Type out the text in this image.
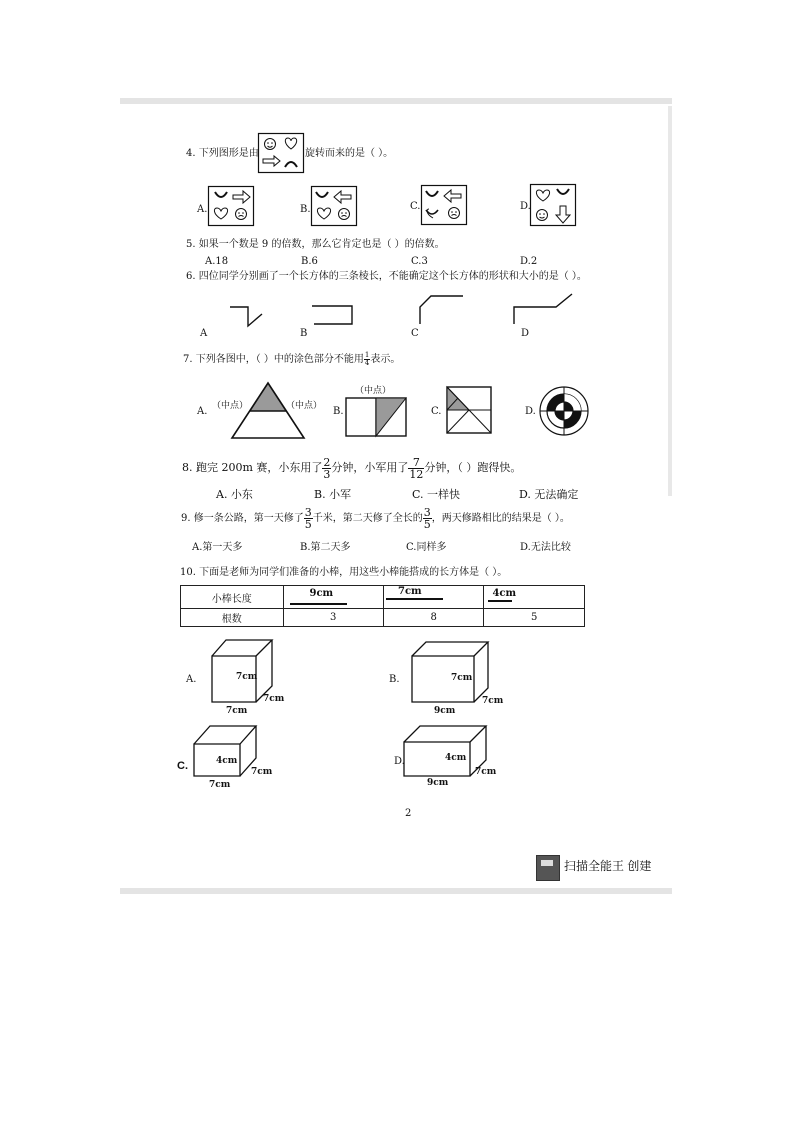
4. 下列图形是由	旋转而来的是（ ）。
A.	B.	C.	D.
5. 如果一个数是 9 的倍数，那么它肯定也是（ ）的倍数。
A.18	B.6	C.3	D.2
6. 四位同学分别画了一个长方体的三条棱长，不能确定这个长方体的形状和大小的是（ ）。
A	B	C	D
7. 下列各图中，（ ）中的涂色部分不能用 $\frac{1}{4}$ 表示。
A. （中点）	（中点） B.
（中点）
C.	D.
8. 跑完 200m 赛，小东用了 $\frac{2}{3}$ 分钟，小军用了 $\frac{7}{12}$ 分钟，（ ）跑得快。
A. 小东	B. 小军	C. 一样快	D. 无法确定
9. 修一条公路，第一天修了 $\frac{3}{5}$ 千米，第二天修了全长的 $\frac{3}{5}$ ，两天修路相比的结果是（ ）。
A.第一天多	B.第二天多	C.同样多	D.无法比较
10. 下面是老师为同学们准备的小棒，用这些小棒能搭成的长方体是（ ）。
小棒长度	9cm	7cm	4cm

根数	3	8	5
A.	7cm
7cm
7cm
B.	7cm
7cm
9cm
C.	4cm
7cm
7cm
D.	4cm
7cm
9cm
2
扫描全能王 创建
